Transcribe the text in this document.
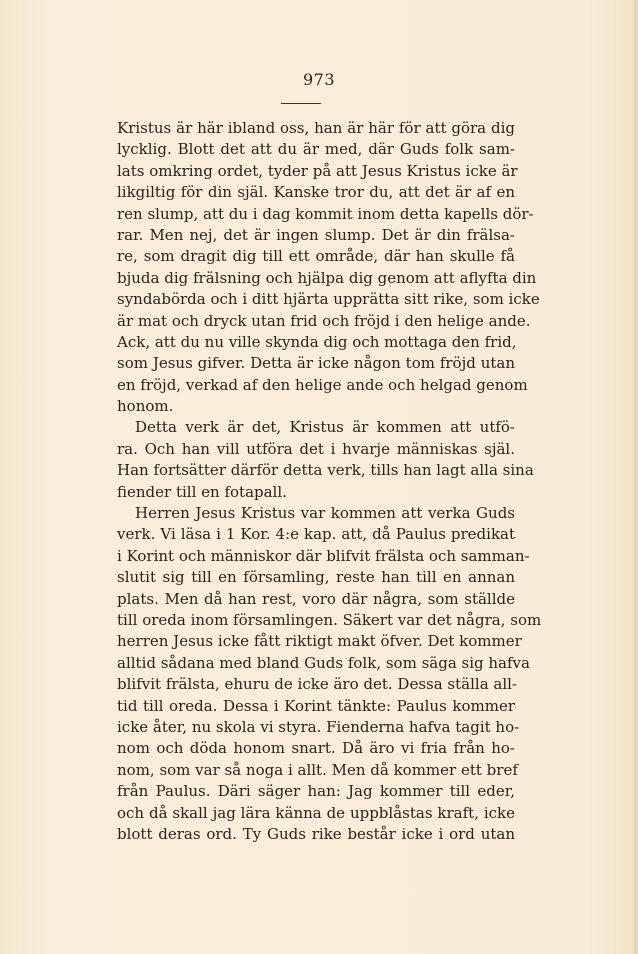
973
Kristus är här ibland oss, han är här för att göra dig
lycklig. Blott det att du är med, där Guds folk sam-
lats omkring ordet, tyder på att Jesus Kristus icke är
likgiltig för din själ. Kanske tror du, att det är af en
ren slump, att du i dag kommit inom detta kapells dör-
rar. Men nej, det är ingen slump. Det är din frälsa-
re, som dragit dig till ett område, där han skulle få
bjuda dig frälsning och hjälpa dig genom att aflyfta din
syndabörda och i ditt hjärta upprätta sitt rike, som icke
är mat och dryck utan frid och fröjd i den helige ande.
Ack, att du nu ville skynda dig och mottaga den frid,
som Jesus gifver. Detta är icke någon tom fröjd utan
en fröjd, verkad af den helige ande och helgad genom
honom.
Detta verk är det, Kristus är kommen att utfö-
ra. Och han vill utföra det i hvarje människas själ.
Han fortsätter därför detta verk, tills han lagt alla sina
fiender till en fotapall.
Herren Jesus Kristus var kommen att verka Guds
verk. Vi läsa i 1 Kor. 4:e kap. att, då Paulus predikat
i Korint och människor där blifvit frälsta och samman-
slutit sig till en församling, reste han till en annan
plats. Men då han rest, voro där några, som ställde
till oreda inom församlingen. Säkert var det några, som
herren Jesus icke fått riktigt makt öfver. Det kommer
alltid sådana med bland Guds folk, som säga sig hafva
blifvit frälsta, ehuru de icke äro det. Dessa ställa all-
tid till oreda. Dessa i Korint tänkte: Paulus kommer
icke åter, nu skola vi styra. Fienderna hafva tagit ho-
nom och döda honom snart. Då äro vi fria från ho-
nom, som var så noga i allt. Men då kommer ett bref
från Paulus. Däri säger han: Jag kommer till eder,
och då skall jag lära känna de uppblåstas kraft, icke
blott deras ord. Ty Guds rike består icke i ord utan
